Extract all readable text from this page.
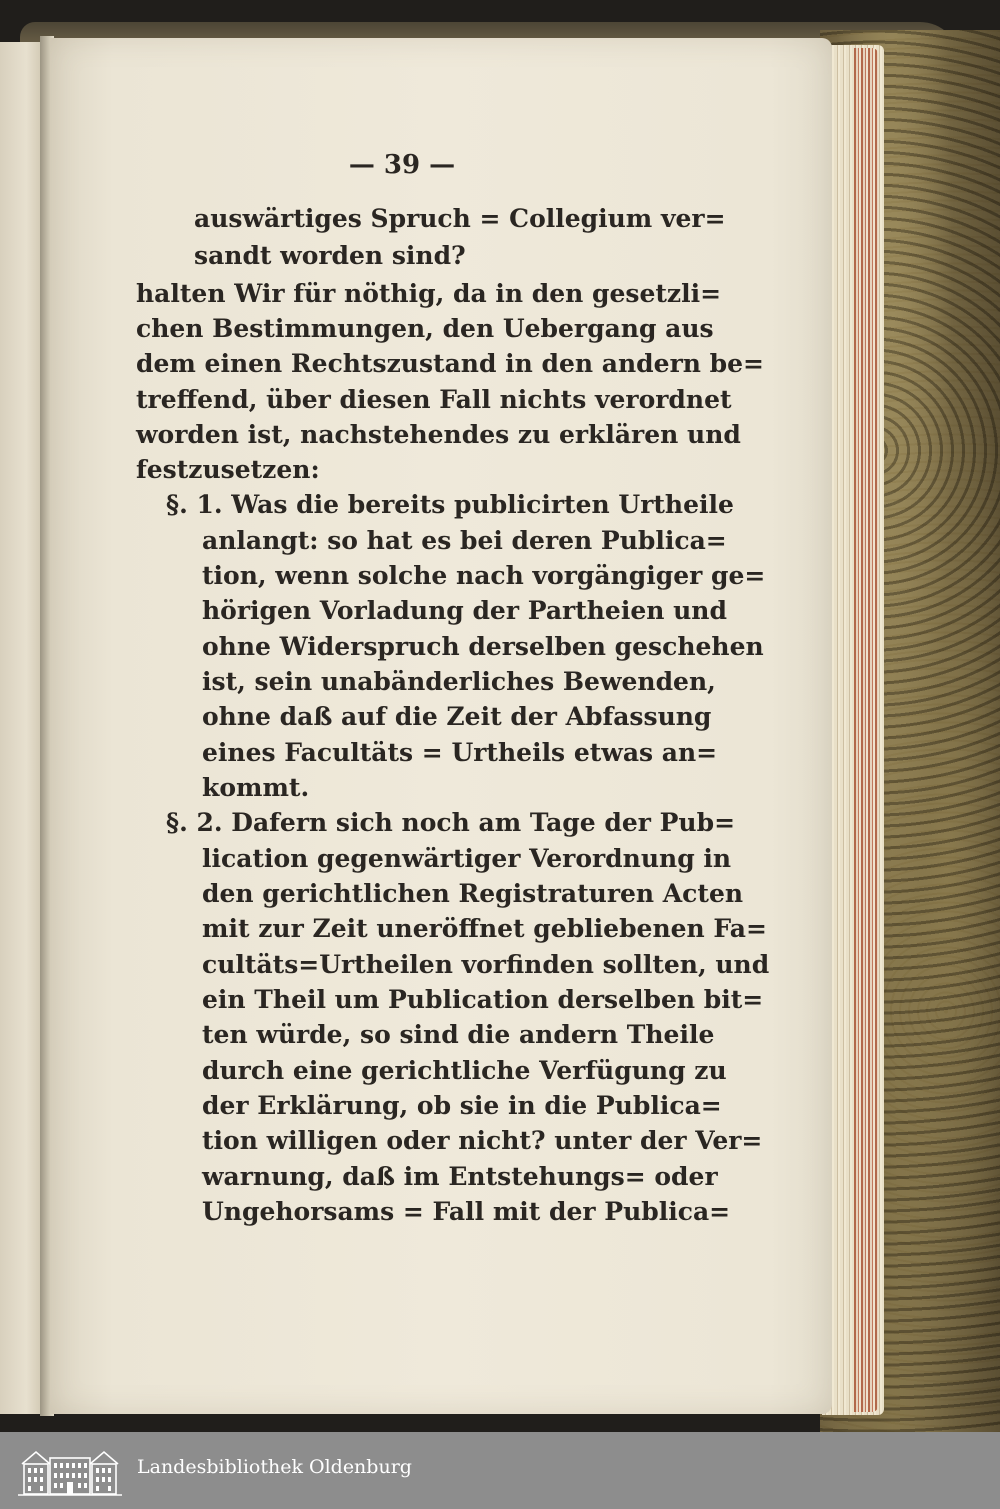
— 39 —
auswärtiges Spruch = Collegium ver=
sandt worden sind?
halten Wir für nöthig, da in den gesetzli=
chen Bestimmungen, den Uebergang aus
dem einen Rechtszustand in den andern be=
treffend, über diesen Fall nichts verordnet
worden ist, nachstehendes zu erklären und
festzusetzen:
§. 1. Was die bereits publicirten Urtheile
anlangt: so hat es bei deren Publica=
tion, wenn solche nach vorgängiger ge=
hörigen Vorladung der Partheien und
ohne Widerspruch derselben geschehen
ist, sein unabänderliches Bewenden,
ohne daß auf die Zeit der Abfassung
eines Facultäts = Urtheils etwas an=
kommt.
§. 2. Dafern sich noch am Tage der Pub=
lication gegenwärtiger Verordnung in
den gerichtlichen Registraturen Acten
mit zur Zeit uneröffnet gebliebenen Fa=
cultäts=Urtheilen vorfinden sollten, und
ein Theil um Publication derselben bit=
ten würde, so sind die andern Theile
durch eine gerichtliche Verfügung zu
der Erklärung, ob sie in die Publica=
tion willigen oder nicht? unter der Ver=
warnung, daß im Entstehungs= oder
Ungehorsams = Fall mit der Publica=
Landesbibliothek Oldenburg
